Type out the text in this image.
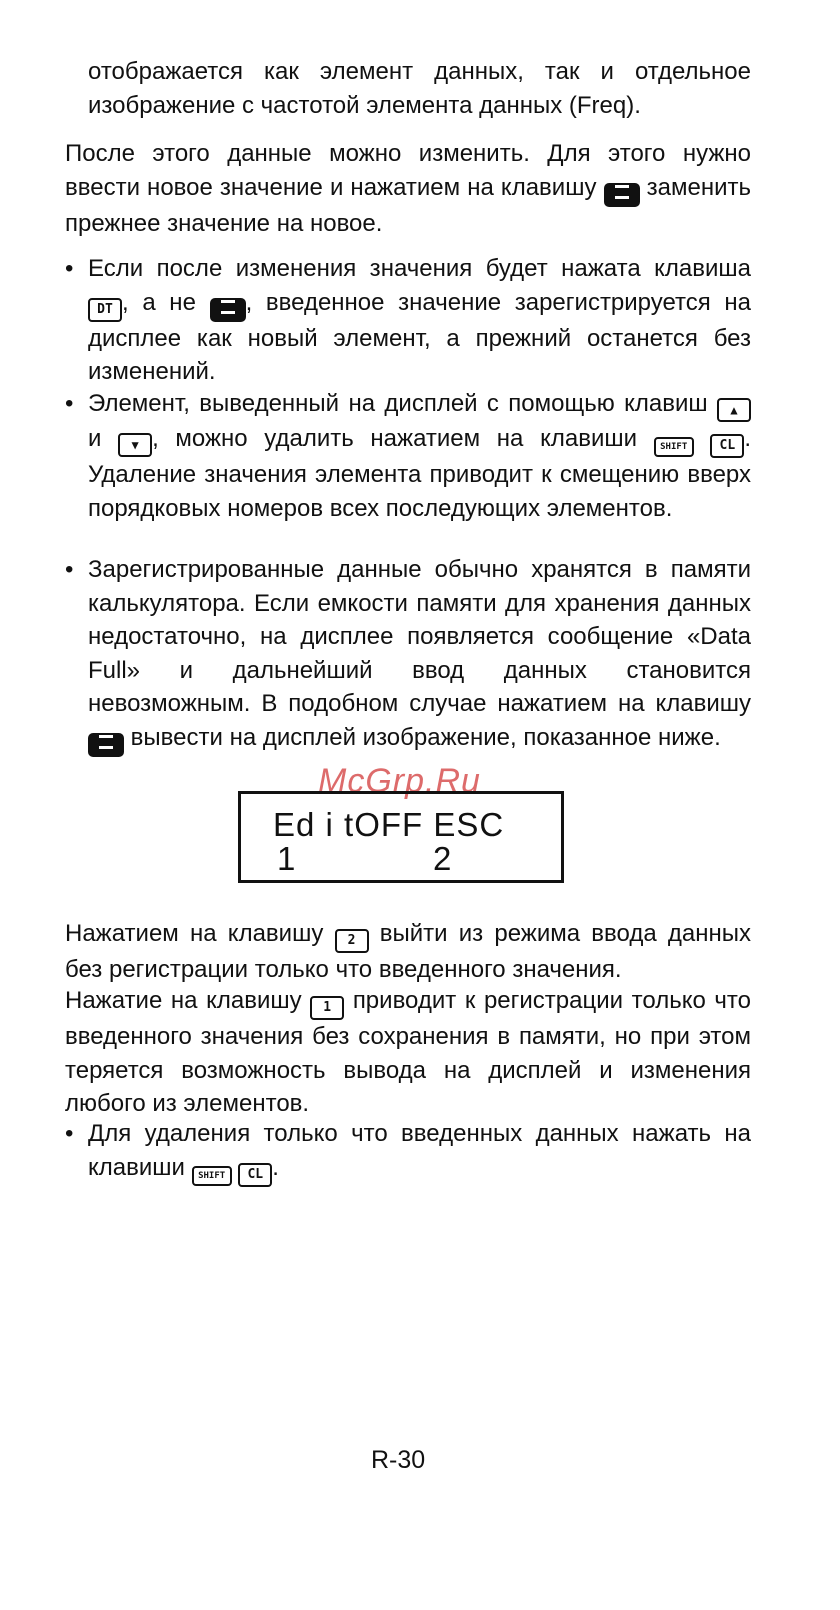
отображается как элемент данных, так и отдельное изображение с частотой элемента данных (Freq).

После этого данные можно изменить. Для этого нужно ввести новое значение и нажатием на клавишу заменить прежнее значение на новое.

• Если после изменения значения будет нажата клавиша DT , а не , введенное значение зарегистрируется на дисплее как новый элемент, а прежний останется без изменений.
• Элемент, выведенный на дисплей с помощью клавиш ▲ и	▼ , можно удалить нажатием на клавиши	SHIFT CL . Удаление значения элемента приводит к смещению вверх порядковых номеров всех последующих элементов.
• Зарегистрированные данные обычно хранятся в памяти калькулятора. Если емкости памяти для хранения данных недостаточно, на дисплее появляется сообщение «Data Full» и дальнейший ввод данных становится невозможным. В подобном случае нажатием на клавишу  вывести на дисплей изображение, показанное ниже.
McGrp.Ru
Ed i tOFF ESC
1	2

Нажатием на клавишу 2 выйти из режима ввода данных без регистрации только что введенного значения.

Нажатие на клавишу 1 приводит к регистрации только что введенного значения без сохранения в памяти, но при этом теряется возможность вывода на дисплей и изменения любого из элементов.

• Для удаления только что введенных данных нажать на клавиши SHIFT CL .
R-30
